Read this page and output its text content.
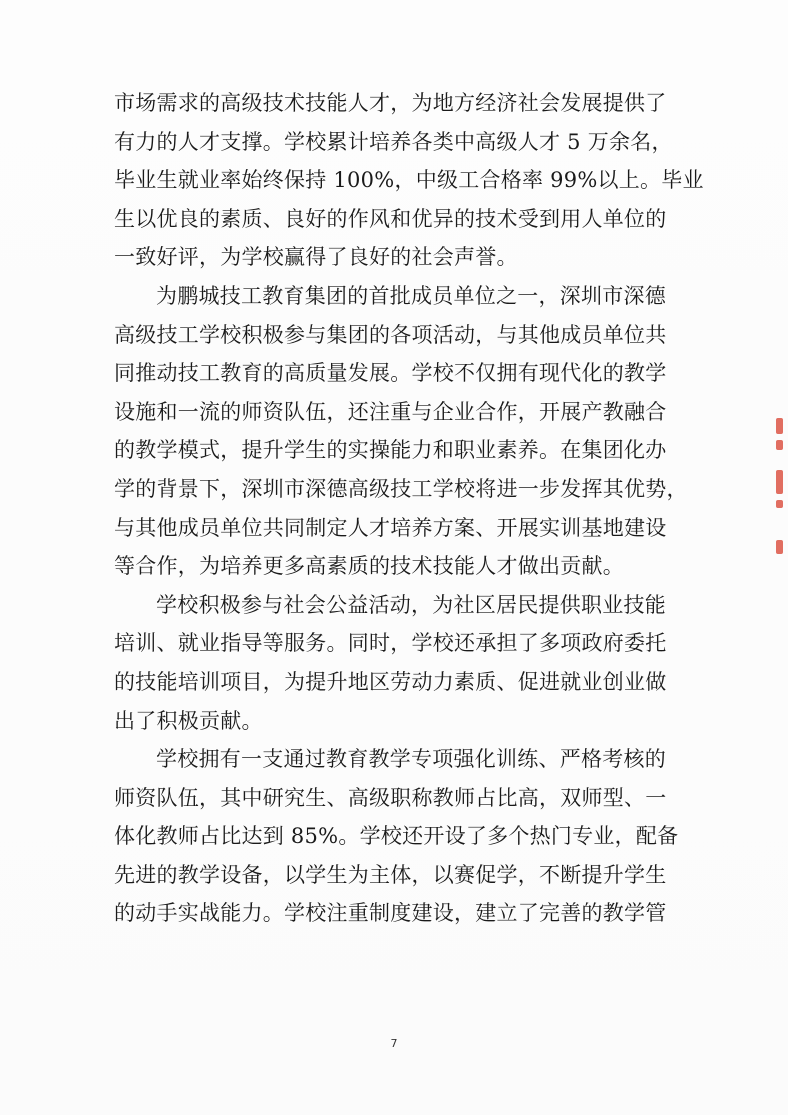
市场需求的高级技术技能人才，为地方经济社会发展提供了
有力的人才支撑。学校累计培养各类中高级人才 5 万余名，
毕业生就业率始终保持 100%，中级工合格率 99%以上。毕业
生以优良的素质、良好的作风和优异的技术受到用人单位的
一致好评，为学校赢得了良好的社会声誉。
为鹏城技工教育集团的首批成员单位之一，深圳市深德
高级技工学校积极参与集团的各项活动，与其他成员单位共
同推动技工教育的高质量发展。学校不仅拥有现代化的教学
设施和一流的师资队伍，还注重与企业合作，开展产教融合
的教学模式，提升学生的实操能力和职业素养。在集团化办
学的背景下，深圳市深德高级技工学校将进一步发挥其优势，
与其他成员单位共同制定人才培养方案、开展实训基地建设
等合作，为培养更多高素质的技术技能人才做出贡献。
学校积极参与社会公益活动，为社区居民提供职业技能
培训、就业指导等服务。同时，学校还承担了多项政府委托
的技能培训项目，为提升地区劳动力素质、促进就业创业做
出了积极贡献。
学校拥有一支通过教育教学专项强化训练、严格考核的
师资队伍，其中研究生、高级职称教师占比高，双师型、一
体化教师占比达到 85%。学校还开设了多个热门专业，配备
先进的教学设备，以学生为主体，以赛促学，不断提升学生
的动手实战能力。学校注重制度建设，建立了完善的教学管
7
